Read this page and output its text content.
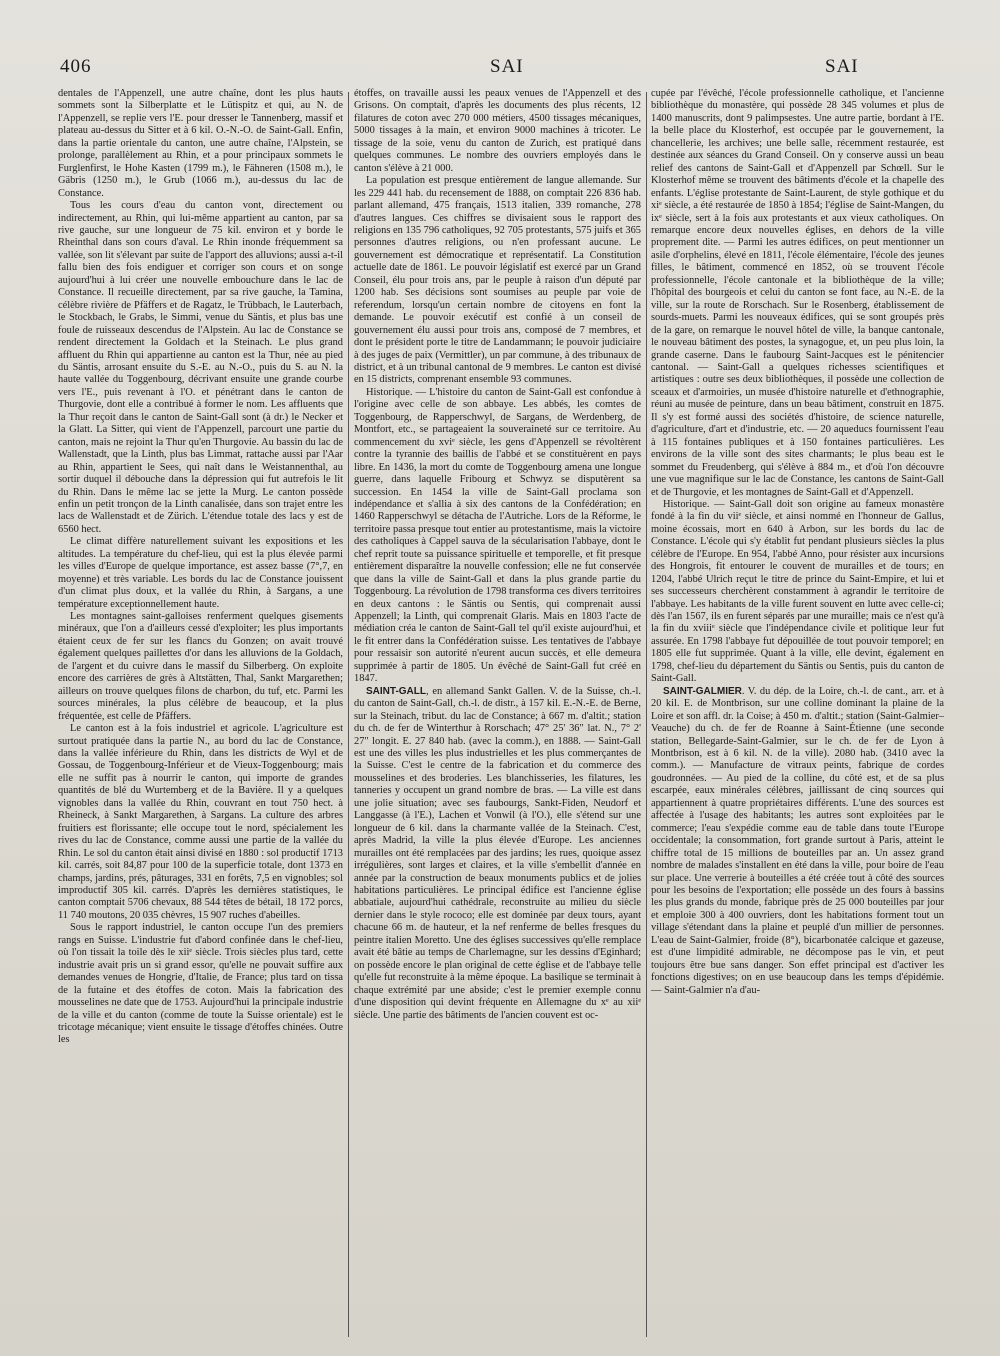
406	SAI	SAI

dentales de l'Appenzell, une autre chaîne, dont les plus hauts sommets sont la Silberplatte et le Lütispitz et qui, au N. de l'Appenzell, se replie vers l'E. pour dresser le Tannenberg, massif et plateau au-dessus du Sitter et à 6 kil. O.-N.-O. de Saint-Gall. Enfin, dans la partie orientale du canton, une autre chaîne, l'Alpstein, se prolonge, parallèlement au Rhin, et a pour principaux sommets le Furglenfirst, le Hohe Kasten (1799 m.), le Fähneren (1508 m.), le Gäbris (1250 m.), le Grub (1066 m.), au-dessus du lac de Constance.

Tous les cours d'eau du canton vont, directement ou indirectement, au Rhin, qui lui-même appartient au canton, par sa rive gauche, sur une longueur de 75 kil. environ et y borde le Rheinthal dans son cours d'aval. Le Rhin inonde fréquemment sa vallée, son lit s'élevant par suite de l'apport des alluvions; aussi a-t-il fallu bien des fois endiguer et corriger son cours et on songe aujourd'hui à lui créer une nouvelle embouchure dans le lac de Constance. Il recueille directement, par sa rive gauche, la Tamina, célèbre rivière de Pfäffers et de Ragatz, le Trübbach, le Lauterbach, le Stockbach, le Grabs, le Simmi, venue du Säntis, et plus bas une foule de ruisseaux descendus de l'Alpstein. Au lac de Constance se rendent directement la Goldach et la Steinach. Le plus grand affluent du Rhin qui appartienne au canton est la Thur, née au pied du Säntis, arrosant ensuite du S.-E. au N.-O., puis du S. au N. la haute vallée du Toggenbourg, décrivant ensuite une grande courbe vers l'E., puis revenant à l'O. et pénétrant dans le canton de Thurgovie, dont elle a contribué à former le nom. Les affluents que la Thur reçoit dans le canton de Saint-Gall sont (à dr.) le Necker et la Glatt. La Sitter, qui vient de l'Appenzell, parcourt une partie du canton, mais ne rejoint la Thur qu'en Thurgovie. Au bassin du lac de Wallenstadt, que la Linth, plus bas Limmat, rattache aussi par l'Aar au Rhin, appartient le Sees, qui naît dans le Weistannenthal, au sortir duquel il débouche dans la dépression qui fut autrefois le lit du Rhin. Dans le même lac se jette la Murg. Le canton possède enfin un petit tronçon de la Linth canalisée, dans son trajet entre les lacs de Wallenstadt et de Zürich. L'étendue totale des lacs y est de 6560 hect.

Le climat diffère naturellement suivant les expositions et les altitudes. La température du chef-lieu, qui est la plus élevée parmi les villes d'Europe de quelque importance, est assez basse (7°,7, en moyenne) et très variable. Les bords du lac de Constance jouissent d'un climat plus doux, et la vallée du Rhin, à Sargans, a une température exceptionnellement haute.

Les montagnes saint-galloises renferment quelques gisements minéraux, que l'on a d'ailleurs cessé d'exploiter; les plus importants étaient ceux de fer sur les flancs du Gonzen; on avait trouvé également quelques paillettes d'or dans les alluvions de la Goldach, de l'argent et du cuivre dans le massif du Silberberg. On exploite encore des carrières de grès à Altstätten, Thal, Sankt Margarethen; ailleurs on trouve quelques filons de charbon, du tuf, etc. Parmi les sources minérales, la plus célèbre de beaucoup, et la plus fréquentée, est celle de Pfäffers.

Le canton est à la fois industriel et agricole. L'agriculture est surtout pratiquée dans la partie N., au bord du lac de Constance, dans la vallée inférieure du Rhin, dans les districts de Wyl et de Gossau, de Toggenbourg-Inférieur et de Vieux-Toggenbourg; mais elle ne suffit pas à nourrir le canton, qui importe de grandes quantités de blé du Wurtemberg et de la Bavière. Il y a quelques vignobles dans la vallée du Rhin, couvrant en tout 750 hect. à Rheineck, à Sankt Margarethen, à Sargans. La culture des arbres fruitiers est florissante; elle occupe tout le nord, spécialement les rives du lac de Constance, comme aussi une partie de la vallée du Rhin. Le sol du canton était ainsi divisé en 1880 : sol productif 1713 kil. carrés, soit 84,87 pour 100 de la superficie totale, dont 1373 en champs, jardins, prés, pâturages, 331 en forêts, 7,5 en vignobles; sol improductif 305 kil. carrés. D'après les dernières statistiques, le canton comptait 5706 chevaux, 88 544 têtes de bétail, 18 172 porcs, 11 740 moutons, 20 035 chèvres, 15 907 ruches d'abeilles.

Sous le rapport industriel, le canton occupe l'un des premiers rangs en Suisse. L'industrie fut d'abord confinée dans le chef-lieu, où l'on tissait la toile dès le xiiᵉ siècle. Trois siècles plus tard, cette industrie avait pris un si grand essor, qu'elle ne pouvait suffire aux demandes venues de Hongrie, d'Italie, de France; plus tard on tissa de la futaine et des étoffes de coton. Mais la fabrication des mousselines ne date que de 1753. Aujourd'hui la principale industrie de la ville et du canton (comme de toute la Suisse orientale) est le tricotage mécanique; vient ensuite le tissage d'étoffes chinées. Outre les

étoffes, on travaille aussi les peaux venues de l'Appenzell et des Grisons. On comptait, d'après les documents des plus récents, 12 filatures de coton avec 270 000 métiers, 4500 tissages mécaniques, 5000 tissages à la main, et environ 9000 machines à tricoter. Le tissage de la soie, venu du canton de Zurich, est pratiqué dans quelques communes. Le nombre des ouvriers employés dans le canton s'élève à 21 000.

La population est presque entièrement de langue allemande. Sur les 229 441 hab. du recensement de 1888, on comptait 226 836 hab. parlant allemand, 475 français, 1513 italien, 339 romanche, 278 d'autres langues. Ces chiffres se divisaient sous le rapport des religions en 135 796 catholiques, 92 705 protestants, 575 juifs et 365 personnes d'autres religions, ou n'en professant aucune. Le gouvernement est démocratique et représentatif. La Constitution actuelle date de 1861. Le pouvoir législatif est exercé par un Grand Conseil, élu pour trois ans, par le peuple à raison d'un député par 1200 hab. Ses décisions sont soumises au peuple par voie de referendum, lorsqu'un certain nombre de citoyens en font la demande. Le pouvoir exécutif est confié à un conseil de gouvernement élu aussi pour trois ans, composé de 7 membres, et dont le président porte le titre de Landammann; le pouvoir judiciaire à des juges de paix (Vermittler), un par commune, à des tribunaux de district, et à un tribunal cantonal de 9 membres. Le canton est divisé en 15 districts, comprenant ensemble 93 communes.

Historique. — L'histoire du canton de Saint-Gall est confondue à l'origine avec celle de son abbaye. Les abbés, les comtes de Toggenbourg, de Rapperschwyl, de Sargans, de Werdenberg, de Montfort, etc., se partageaient la souveraineté sur ce territoire. Au commencement du xviᵉ siècle, les gens d'Appenzell se révoltèrent contre la tyrannie des baillis de l'abbé et se constituèrent en pays libre. En 1436, la mort du comte de Toggenbourg amena une longue guerre, dans laquelle Fribourg et Schwyz se disputèrent sa succession. En 1454 la ville de Saint-Gall proclama son indépendance et s'allia à six des cantons de la Confédération; en 1460 Rapperschwyl se détacha de l'Autriche. Lors de la Réforme, le territoire passa presque tout entier au protestantisme, mais la victoire des catholiques à Cappel sauva de la sécularisation l'abbaye, dont le chef reprit toute sa puissance spirituelle et temporelle, et fit presque entièrement disparaître la nouvelle confession; elle ne fut conservée que dans la ville de Saint-Gall et dans la plus grande partie du Toggenbourg. La révolution de 1798 transforma ces divers territoires en deux cantons : le Säntis ou Sentis, qui comprenait aussi Appenzell; la Linth, qui comprenait Glaris. Mais en 1803 l'acte de médiation créa le canton de Saint-Gall tel qu'il existe aujourd'hui, et le fit entrer dans la Confédération suisse. Les tentatives de l'abbaye pour ressaisir son autorité n'eurent aucun succès, et elle demeura supprimée à partir de 1805. Un évêché de Saint-Gall fut créé en 1847.

SAINT-GALL, en allemand Sankt Gallen. V. de la Suisse, ch.-l. du canton de Saint-Gall, ch.-l. de distr., à 157 kil. E.-N.-E. de Berne, sur la Steinach, tribut. du lac de Constance; à 667 m. d'altit.; station du ch. de fer de Winterthur à Rorschach; 47° 25' 36" lat. N., 7° 2' 27" longit. E. 27 840 hab. (avec la comm.), en 1888. — Saint-Gall est une des villes les plus industrielles et les plus commerçantes de la Suisse. C'est le centre de la fabrication et du commerce des mousselines et des broderies. Les blanchisseries, les filatures, les tanneries y occupent un grand nombre de bras. — La ville est dans une jolie situation; avec ses faubourgs, Sankt-Fiden, Neudorf et Langgasse (à l'E.), Lachen et Vonwil (à l'O.), elle s'étend sur une longueur de 6 kil. dans la charmante vallée de la Steinach. C'est, après Madrid, la ville la plus élevée d'Europe. Les anciennes murailles ont été remplacées par des jardins; les rues, quoique assez irrégulières, sont larges et claires, et la ville s'embellit d'année en année par la construction de beaux monuments publics et de jolies habitations particulières. Le principal édifice est l'ancienne église abbatiale, aujourd'hui cathédrale, reconstruite au milieu du siècle dernier dans le style rococo; elle est dominée par deux tours, ayant chacune 66 m. de hauteur, et la nef renferme de belles fresques du peintre italien Moretto. Une des églises successives qu'elle remplace avait été bâtie au temps de Charlemagne, sur les dessins d'Eginhard; on possède encore le plan original de cette église et de l'abbaye telle qu'elle fut reconstruite à la même époque. La basilique se terminait à chaque extrémité par une abside; c'est le premier exemple connu d'une disposition qui devint fréquente en Allemagne du xᵉ au xiiᵉ siècle. Une partie des bâtiments de l'ancien couvent est oc-

cupée par l'évêché, l'école professionnelle catholique, et l'ancienne bibliothèque du monastère, qui possède 28 345 volumes et plus de 1400 manuscrits, dont 9 palimpsestes. Une autre partie, bordant à l'E. la belle place du Klosterhof, est occupée par le gouvernement, la chancellerie, les archives; une belle salle, récemment restaurée, est destinée aux séances du Grand Conseil. On y conserve aussi un beau relief des cantons de Saint-Gall et d'Appenzell par Schœll. Sur le Klosterhof même se trouvent des bâtiments d'école et la chapelle des enfants. L'église protestante de Saint-Laurent, de style gothique et du xiᵉ siècle, a été restaurée de 1850 à 1854; l'église de Saint-Mangen, du ixᵉ siècle, sert à la fois aux protestants et aux vieux catholiques. On remarque encore deux nouvelles églises, en dehors de la ville proprement dite. — Parmi les autres édifices, on peut mentionner un asile d'orphelins, élevé en 1811, l'école élémentaire, l'école des jeunes filles, le bâtiment, commencé en 1852, où se trouvent l'école professionnelle, l'école cantonale et la bibliothèque de la ville; l'hôpital des bourgeois et celui du canton se font face, au N.-E. de la ville, sur la route de Rorschach. Sur le Rosenberg, établissement de sourds-muets. Parmi les nouveaux édifices, qui se sont groupés près de la gare, on remarque le nouvel hôtel de ville, la banque cantonale, le nouveau bâtiment des postes, la synagogue, et, un peu plus loin, la grande caserne. Dans le faubourg Saint-Jacques est le pénitencier cantonal. — Saint-Gall a quelques richesses scientifiques et artistiques : outre ses deux bibliothèques, il possède une collection de sceaux et d'armoiries, un musée d'histoire naturelle et d'ethnographie, réuni au musée de peinture, dans un beau bâtiment, construit en 1875. Il s'y est formé aussi des sociétés d'histoire, de science naturelle, d'agriculture, d'art et d'industrie, etc. — 20 aqueducs fournissent l'eau à 115 fontaines publiques et à 150 fontaines particulières. Les environs de la ville sont des sites charmants; le plus beau est le sommet du Freudenberg, qui s'élève à 884 m., et d'où l'on découvre une vue magnifique sur le lac de Constance, les cantons de Saint-Gall et de Thurgovie, et les montagnes de Saint-Gall et d'Appenzell.

Historique. — Saint-Gall doit son origine au fameux monastère fondé à la fin du viiᵉ siècle, et ainsi nommé en l'honneur de Gallus, moine écossais, mort en 640 à Arbon, sur les bords du lac de Constance. L'école qui s'y établit fut pendant plusieurs siècles la plus célèbre de l'Europe. En 954, l'abbé Anno, pour résister aux incursions des Hongrois, fit entourer le couvent de murailles et de tours; en 1204, l'abbé Ulrich reçut le titre de prince du Saint-Empire, et lui et ses successeurs cherchèrent constamment à agrandir le territoire de l'abbaye. Les habitants de la ville furent souvent en lutte avec celle-ci; dès l'an 1567, ils en furent séparés par une muraille; mais ce n'est qu'à la fin du xviiiᵉ siècle que l'indépendance civile et politique leur fut assurée. En 1798 l'abbaye fut dépouillée de tout pouvoir temporel; en 1805 elle fut supprimée. Quant à la ville, elle devint, également en 1798, chef-lieu du département du Säntis ou Sentis, puis du canton de Saint-Gall.

SAINT-GALMIER. V. du dép. de la Loire, ch.-l. de cant., arr. et à 20 kil. E. de Montbrison, sur une colline dominant la plaine de la Loire et son affl. dr. la Coise; à 450 m. d'altit.; station (Saint-Galmier–Veauche) du ch. de fer de Roanne à Saint-Étienne (une seconde station, Bellegarde-Saint-Galmier, sur le ch. de fer de Lyon à Montbrison, est à 6 kil. N. de la ville). 2080 hab. (3410 avec la comm.). — Manufacture de vitraux peints, fabrique de cordes goudronnées. — Au pied de la colline, du côté est, et de sa plus escarpée, eaux minérales célèbres, jaillissant de cinq sources qui appartiennent à quatre propriétaires différents. L'une des sources est affectée à l'usage des habitants; les autres sont exploitées par le commerce; l'eau s'expédie comme eau de table dans toute l'Europe occidentale; la consommation, fort grande surtout à Paris, atteint le chiffre total de 15 millions de bouteilles par an. Un assez grand nombre de malades s'installent en été dans la ville, pour boire de l'eau sur place. Une verrerie à bouteilles a été créée tout à côté des sources pour les besoins de l'exportation; elle possède un des fours à bassins les plus grands du monde, fabrique près de 25 000 bouteilles par jour et emploie 300 à 400 ouvriers, dont les habitations forment tout un village s'étendant dans la plaine et peuplé d'un millier de personnes. L'eau de Saint-Galmier, froide (8°), bicarbonatée calcique et gazeuse, est d'une limpidité admirable, ne décompose pas le vin, et peut toujours être bue sans danger. Son effet principal est d'activer les fonctions digestives; on en use beaucoup dans les temps d'épidémie. — Saint-Galmier n'a d'au-
